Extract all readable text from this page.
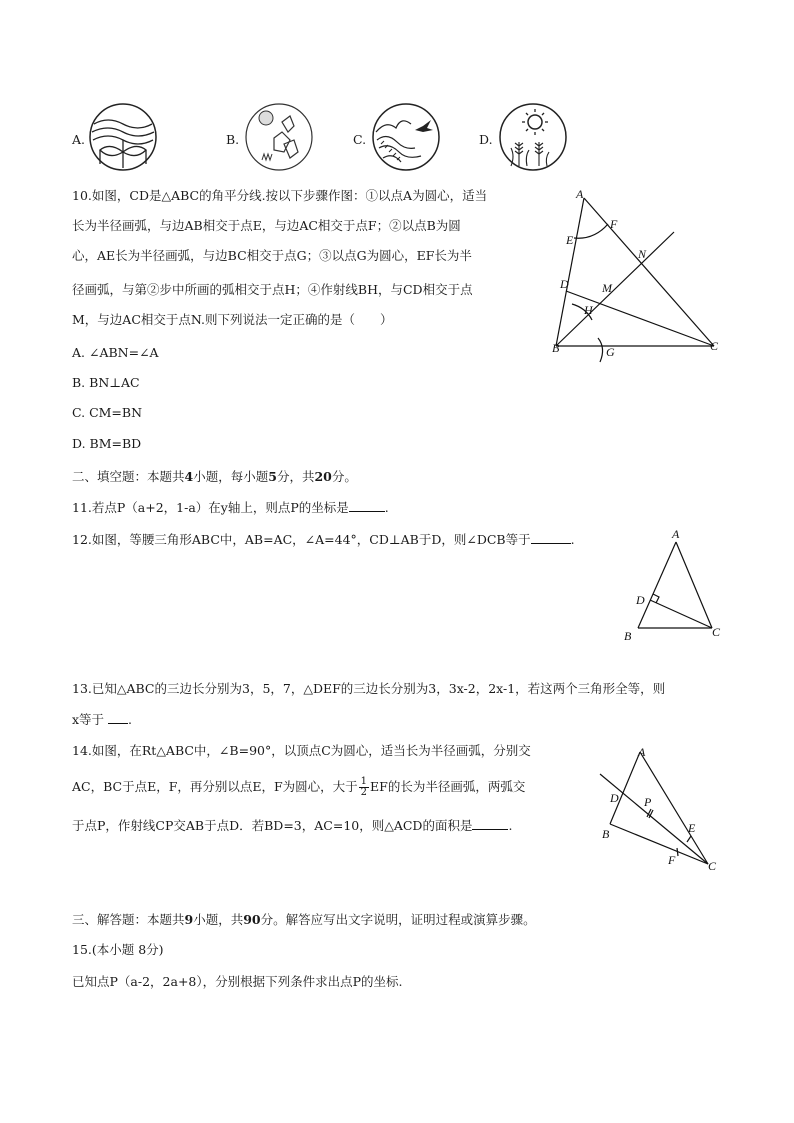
A.	B.	C.	D.
10.如图，CD是△ABC的角平分线.按以下步骤作图：①以点A为圆心，适当
长为半径画弧，与边AB相交于点E，与边AC相交于点F；②以点B为圆
心，AE长为半径画弧，与边BC相交于点G；③以点G为圆心，EF长为半
径画弧，与第②步中所画的弧相交于点H；④作射线BH，与CD相交于点
M，与边AC相交于点N.则下列说法一定正确的是（　　）
A. ∠ABN=∠A
B. BN⊥AC
C. CM=BN
D. BM=BD
A
F
E
N
D	M
H
B	G	C
二、填空题：本题共4小题，每小题5分，共20分。
11.若点P（a+2，1-a）在y轴上，则点P的坐标是	.
12.如图，等腰三角形ABC中，AB=AC，∠A=44°，CD⊥AB于D，则∠DCB等于	.	A
D
B	C
13.已知△ABC的三边长分别为3，5，7，△DEF的三边长分别为3，3x-2，2x-1，若这两个三角形全等，则
x等于 .
14.如图，在Rt△ABC中，∠B=90°，以顶点C为圆心，适当长为半径画弧，分别交
AC，BC于点E，F，再分别以点E，F为圆心，大于 $\frac{1}{2}$ EF的长为半径画弧，两弧交
于点P，作射线CP交AB于点D．若BD=3，AC=10，则△ACD的面积是	.
A
D P
E
B
F	C
三、解答题：本题共9小题，共90分。解答应写出文字说明，证明过程或演算步骤。
15.(本小题 8分)
已知点P（a-2，2a+8），分别根据下列条件求出点P的坐标.
